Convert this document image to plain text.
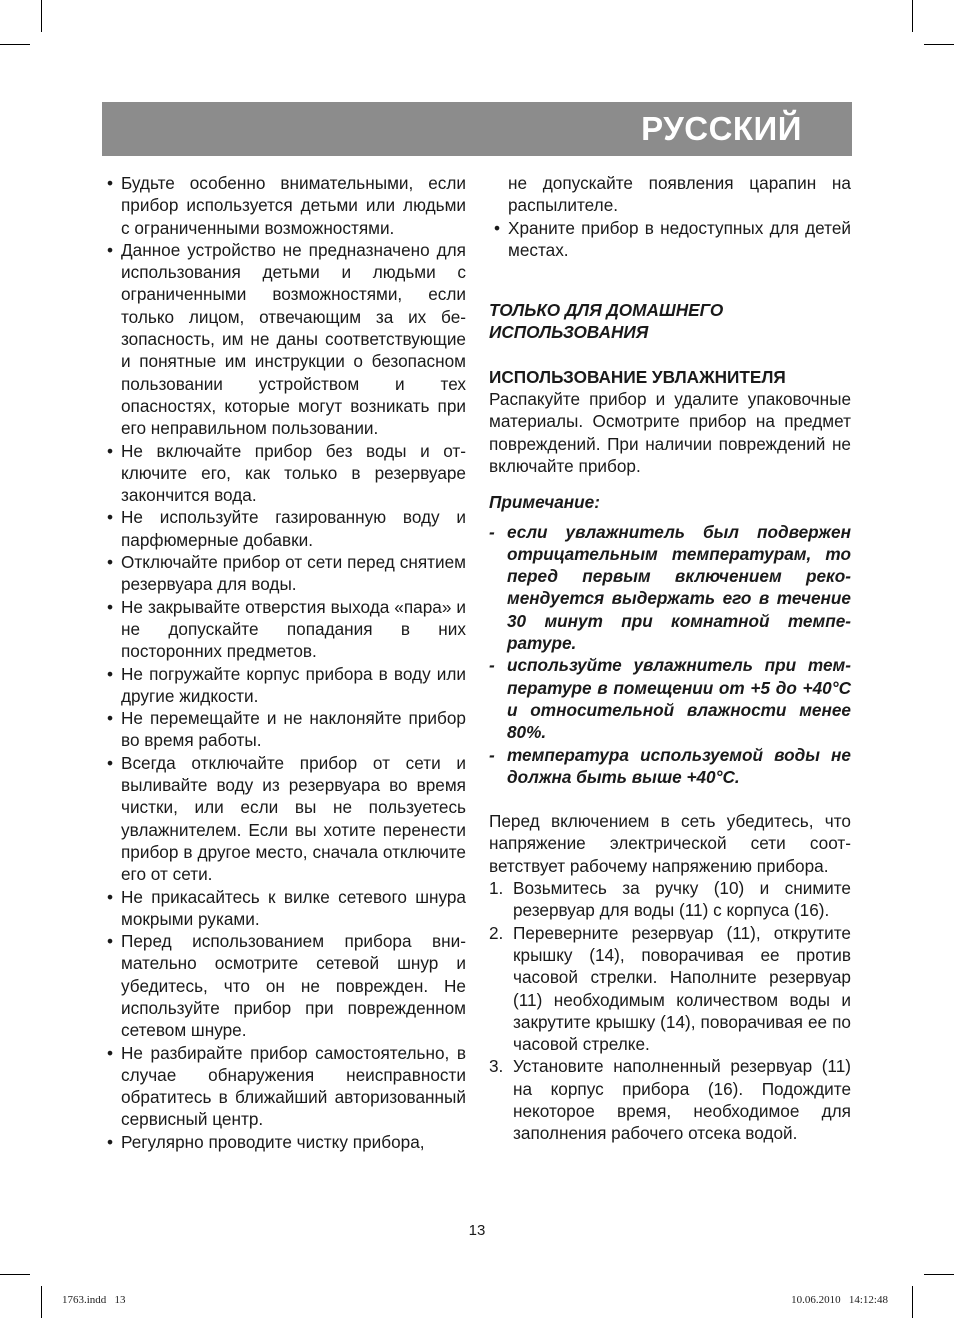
РУССКИЙ
• Будьте особенно внимательными, если прибор используется детьми или людьми с ограниченными возможностями.
• Данное устройство не предназначено для использования детьми и людьми с ограниченными возможностями, если только лицом, отвечающим за их безопасность, им не даны соответствующие и понятные им инструкции о безопасном пользовании устройством и тех опасностях, которые могут возникать при его неправильном пользовании.
• Не включайте прибор без воды и отключите его, как только в резервуаре закончится вода.
• Не используйте газированную воду и парфюмерные добавки.
• Отключайте прибор от сети перед снятием резервуара для воды.
• Не закрывайте отверстия выхода «пара» и не допускайте попадания в них посторонних предметов.
• Не погружайте корпус прибора в воду или другие жидкости.
• Не перемещайте и не наклоняйте прибор во время работы.
• Всегда отключайте прибор от сети и выливайте воду из резервуара во время чистки, или если вы не пользуетесь увлажнителем. Если вы хотите перенести прибор в другое место, сначала отключите его от сети.
• Не прикасайтесь к вилке сетевого шнура мокрыми руками.
• Перед использованием прибора внимательно осмотрите сетевой шнур и убедитесь, что он не поврежден. Не используйте прибор при поврежденном сетевом шнуре.
• Не разбирайте прибор самостоятельно, в случае обнаружения неисправности обратитесь в ближайший авторизованный сервисный центр.
• Регулярно проводите чистку прибора,
не допускайте появления царапин на распылителе.
• Храните прибор в недоступных для детей местах.
ТОЛЬКО ДЛЯ ДОМАШНЕГО ИСПОЛЬЗОВАНИЯ
ИСПОЛЬЗОВАНИЕ УВЛАЖНИТЕЛЯ
Распакуйте прибор и удалите упаковочные материалы. Осмотрите прибор на предмет повреждений. При наличии повреждений не включайте прибор.
Примечание:
- если увлажнитель был подвержен отрицательным температурам, то перед первым включением рекомендуется выдержать его в течение 30 минут при комнатной температуре.
- используйте увлажнитель при температуре в помещении от +5 до +40°C и относительной влажности менее 80%.
- температура используемой воды не должна быть выше +40°C.
Перед включением в сеть убедитесь, что напряжение электрической сети соответствует рабочему напряжению прибора.
1. Возьмитесь за ручку (10) и снимите резервуар для воды (11) с корпуса (16).
2. Переверните резервуар (11), открутите крышку (14), поворачивая ее против часовой стрелки. Наполните резервуар (11) необходимым количеством воды и закрутите крышку (14), поворачивая ее по часовой стрелке.
3. Установите наполненный резервуар (11) на корпус прибора (16). Подождите некоторое время, необходимое для заполнения рабочего отсека водой.
13
1763.indd   13	10.06.2010   14:12:48
